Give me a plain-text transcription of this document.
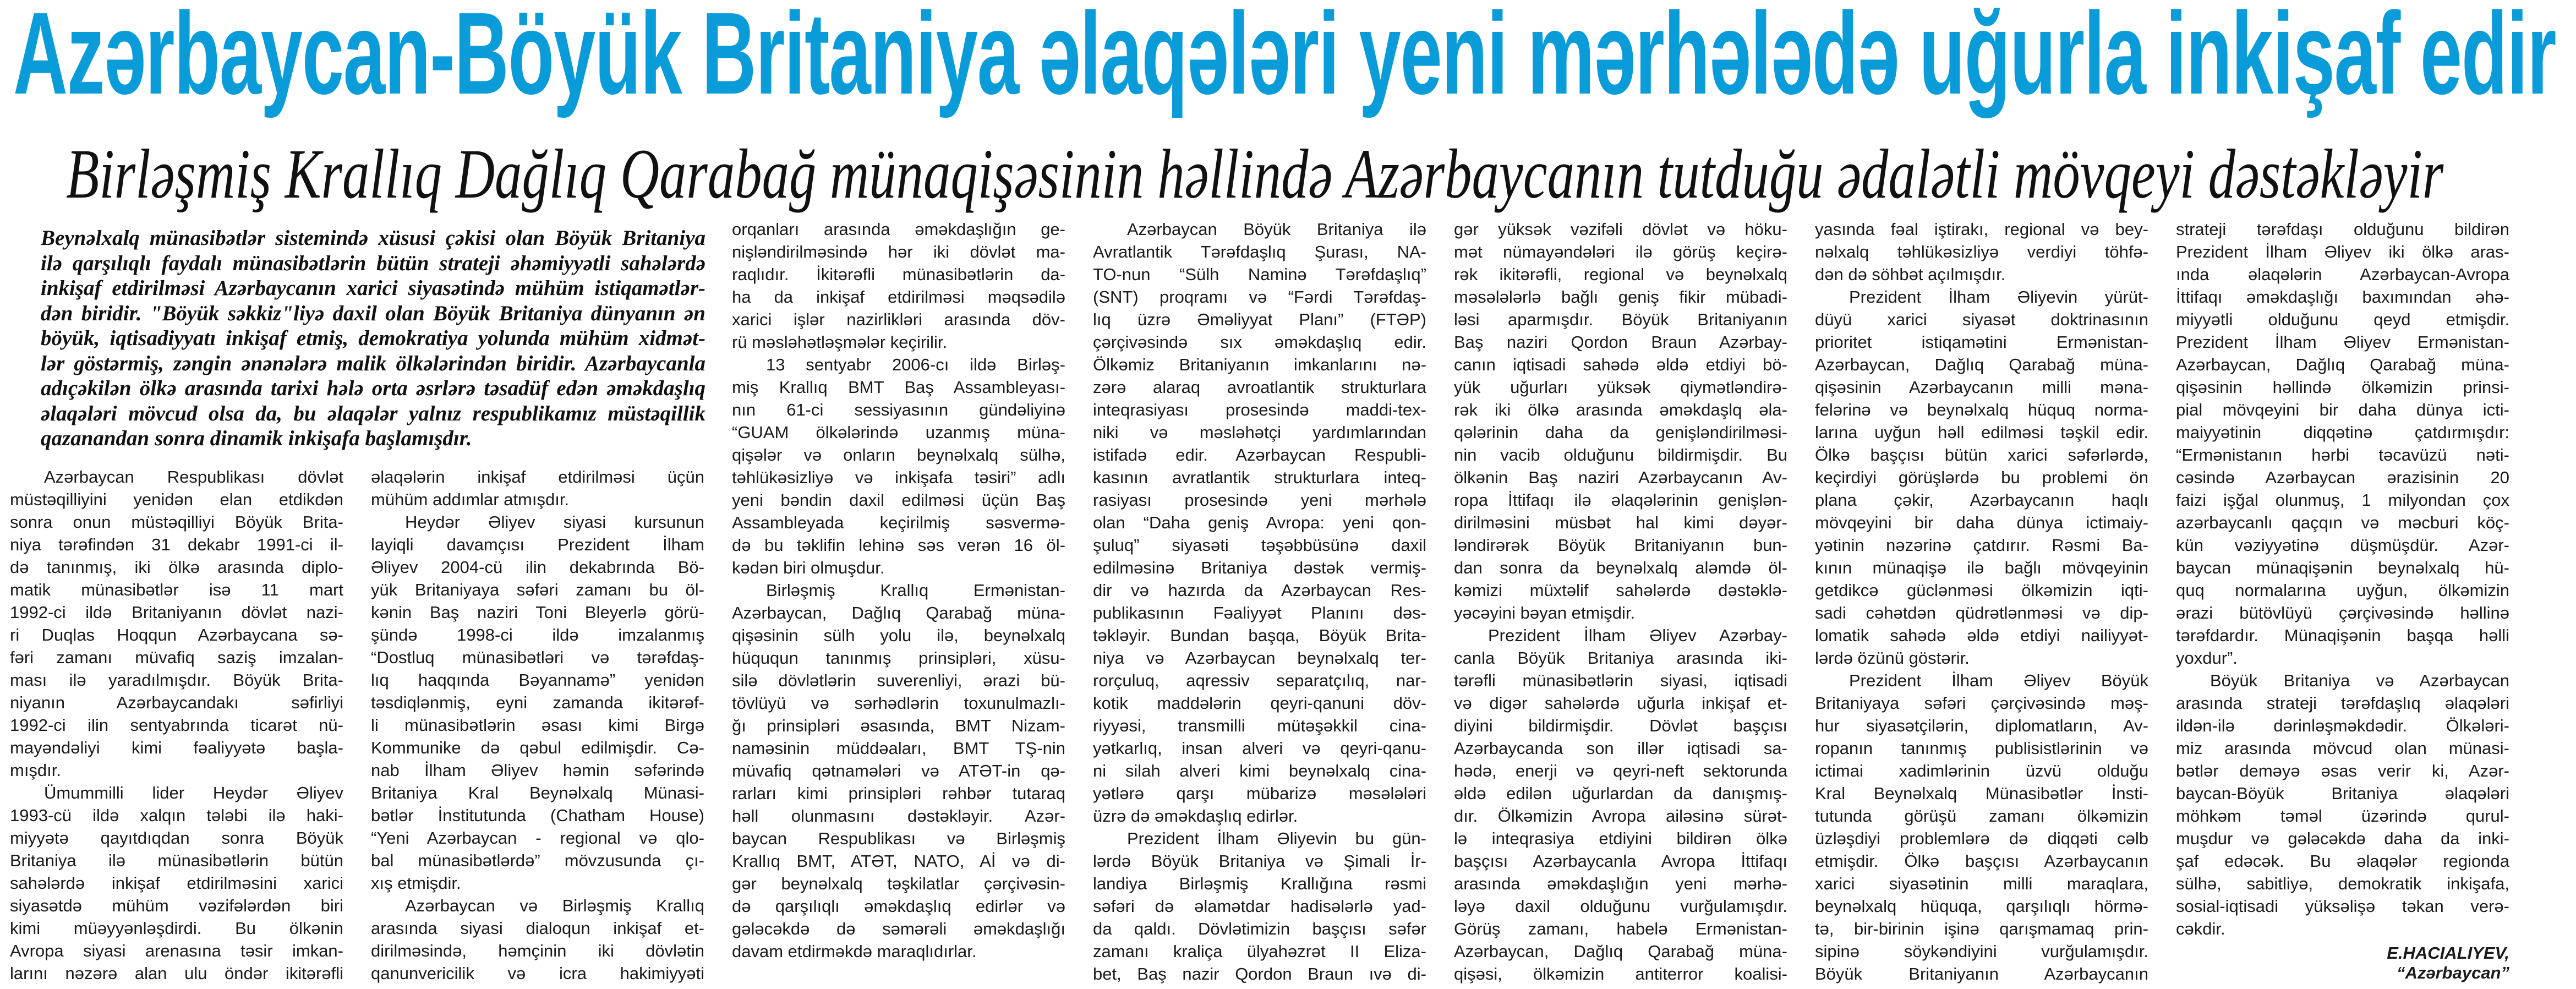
Azərbaycan-Böyük Britaniya əlaqələri yeni mərhələdə uğurla inkişaf edir
Birləşmiş Krallıq Dağlıq Qarabağ münaqişəsinin həllində Azərbaycanın tutduğu ədalətli mövqeyi dəstəkləyir
Beynəlxalq münasibətlər sistemində xüsusi çəkisi olan Böyük Britaniya
ilə qarşılıqlı faydalı münasibətlərin bütün strateji əhəmiyyətli sahələrdə
inkişaf etdirilməsi Azərbaycanın xarici siyasətində mühüm istiqamətlər-
dən biridir. "Böyük səkkiz"liyə daxil olan Böyük Britaniya dünyanın ən
böyük, iqtisadiyyatı inkişaf etmiş, demokratiya yolunda mühüm xidmət-
lər göstərmiş, zəngin ənənələrə malik ölkələrindən biridir. Azərbaycanla
adıçəkilən ölkə arasında tarixi hələ orta əsrlərə təsadüf edən əməkdaşlıq
əlaqələri mövcud olsa da, bu əlaqələr yalnız respublikamız müstəqillik
qazanandan sonra dinamik inkişafa başlamışdır.
Azərbaycan Respublikası dövlət
müstəqilliyini yenidən elan etdikdən
sonra onun müstəqilliyi Böyük Brita-
niya tərəfindən 31 dekabr 1991-ci il-
də tanınmış, iki ölkə arasında diplo-
matik münasibətlər isə 11 mart
1992-ci ildə Britaniyanın dövlət nazi-
ri Duqlas Hoqqun Azərbaycana sə-
fəri zamanı müvafiq saziş imzalan-
ması ilə yaradılmışdır. Böyük Brita-
niyanın Azərbaycandakı səfirliyi
1992-ci ilin sentyabrında ticarət nü-
mayəndəliyi kimi fəaliyyətə başla-
mışdır.
Ümummilli lider Heydər Əliyev
1993-cü ildə xalqın tələbi ilə haki-
miyyətə qayıtdıqdan sonra Böyük
Britaniya ilə münasibətlərin bütün
sahələrdə inkişaf etdirilməsini xarici
siyasətdə mühüm vəzifələrdən biri
kimi müəyyənləşdirdi. Bu ölkənin
Avropa siyasi arenasına təsir imkan-
larını nəzərə alan ulu öndər ikitərəfli
əlaqələrin inkişaf etdirilməsi üçün
mühüm addımlar atmışdır.
Heydər Əliyev siyasi kursunun
layiqli davamçısı Prezident İlham
Əliyev 2004-cü ilin dekabrında Bö-
yük Britaniyaya səfəri zamanı bu öl-
kənin Baş naziri Toni Bleyerlə görü-
şündə 1998-ci ildə imzalanmış
“Dostluq münasibətləri və tərəfdaş-
lıq haqqında Bəyannamə” yenidən
təsdiqlənmiş, eyni zamanda ikitərəf-
li münasibətlərin əsası kimi Birgə
Kommunike də qəbul edilmişdir. Cə-
nab İlham Əliyev həmin səfərində
Britaniya Kral Beynəlxalq Münasi-
bətlər İnstitutunda (Chatham House)
“Yeni Azərbaycan - regional və qlo-
bal münasibətlərdə” mövzusunda çı-
xış etmişdir.
Azərbaycan və Birləşmiş Krallıq
arasında siyasi dialoqun inkişaf et-
dirilməsində, həmçinin iki dövlətin
qanunvericilik və icra hakimiyyəti
orqanları arasında əməkdaşlığın ge-
nişləndirilməsində hər iki dövlət ma-
raqlıdır. İkitərəfli münasibətlərin da-
ha da inkişaf etdirilməsi məqsədilə
xarici işlər nazirlikləri arasında döv-
rü məsləhətləşmələr keçirilir.
13 sentyabr 2006-cı ildə Birləş-
miş Krallıq BMT Baş Assambleyası-
nın 61-ci sessiyasının gündəliyinə
“GUAM ölkələrində uzanmış müna-
qişələr və onların beynəlxalq sülhə,
təhlükəsizliyə və inkişafa təsiri” adlı
yeni bəndin daxil edilməsi üçün Baş
Assambleyada keçirilmiş səsvermə-
də bu təklifin lehinə səs verən 16 öl-
kədən biri olmuşdur.
Birləşmiş Krallıq Ermənistan-
Azərbaycan, Dağlıq Qarabağ müna-
qişəsinin sülh yolu ilə, beynəlxalq
hüququn tanınmış prinsipləri, xüsu-
silə dövlətlərin suverenliyi, ərazi bü-
tövlüyü və sərhədlərin toxunulmazlı-
ğı prinsipləri əsasında, BMT Nizam-
naməsinin müddəaları, BMT TŞ-nin
müvafiq qətnamələri və ATƏT-in qə-
rarları kimi prinsipləri rəhbər tutaraq
həll olunmasını dəstəkləyir. Azər-
baycan Respublikası və Birləşmiş
Krallıq BMT, ATƏT, NATO, Aİ və di-
gər beynəlxalq təşkilatlar çərçivəsin-
də qarşılıqlı əməkdaşlıq edirlər və
gələcəkdə də səmərəli əməkdaşlığı
davam etdirməkdə maraqlıdırlar.
Azərbaycan Böyük Britaniya ilə
Avratlantik Tərəfdaşlıq Şurası, NA-
TO-nun “Sülh Naminə Tərəfdaşlıq”
(SNT) proqramı və “Fərdi Tərəfdaş-
lıq üzrə Əməliyyat Planı” (FTƏP)
çərçivəsində sıx əməkdaşlıq edir.
Ölkəmiz Britaniyanın imkanlarını nə-
zərə alaraq avroatlantik strukturlara
inteqrasiyası prosesində maddi-tex-
niki və məsləhətçi yardımlarından
istifadə edir. Azərbaycan Respubli-
kasının avratlantik strukturlara inteq-
rasiyası prosesində yeni mərhələ
olan “Daha geniş Avropa: yeni qon-
şuluq” siyasəti təşəbbüsünə daxil
edilməsinə Britaniya dəstək vermiş-
dir və hazırda da Azərbaycan Res-
publikasının Fəaliyyət Planını dəs-
təkləyir. Bundan başqa, Böyük Brita-
niya və Azərbaycan beynəlxalq ter-
rorçuluq, aqressiv separatçılıq, nar-
kotik maddələrin qeyri-qanuni döv-
riyyəsi, transmilli mütəşəkkil cina-
yətkarlıq, insan alveri və qeyri-qanu-
ni silah alveri kimi beynəlxalq cina-
yətlərə qarşı mübarizə məsələləri
üzrə də əməkdaşlıq edirlər.
Prezident İlham Əliyevin bu gün-
lərdə Böyük Britaniya və Şimali İr-
landiya Birləşmiş Krallığına rəsmi
səfəri də əlamətdar hadisələrlə yad-
da qaldı. Dövlətimizin başçısı səfər
zamanı kraliça ülyahəzrət II Eliza-
bet, Baş nazir Qordon Braun ıvə di-
gər yüksək vəzifəli dövlət və höku-
mət nümayəndələri ilə görüş keçirə-
rək ikitərəfli, regional və beynəlxalq
məsələlərlə bağlı geniş fikir mübadi-
ləsi aparmışdır. Böyük Britaniyanın
Baş naziri Qordon Braun Azərbay-
canın iqtisadi sahədə əldə etdiyi bö-
yük uğurları yüksək qiymətləndirə-
rək iki ölkə arasında əməkdaşlq əla-
qələrinin daha da genişləndirilməsi-
nin vacib olduğunu bildirmişdir. Bu
ölkənin Baş naziri Azərbaycanın Av-
ropa İttifaqı ilə əlaqələrinin genişlən-
dirilməsini müsbət hal kimi dəyər-
ləndirərək Böyük Britaniyanın bun-
dan sonra da beynəlxalq aləmdə öl-
kəmizi müxtəlif sahələrdə dəstəklə-
yəcəyini bəyan etmişdir.
Prezident İlham Əliyev Azərbay-
canla Böyük Britaniya arasında iki-
tərəfli münasibətlərin siyasi, iqtisadi
və digər sahələrdə uğurla inkişaf et-
diyini bildirmişdir. Dövlət başçısı
Azərbaycanda son illər iqtisadi sa-
hədə, enerji və qeyri-neft sektorunda
əldə edilən uğurlardan da danışmış-
dır. Ölkəmizin Avropa ailəsinə sürət-
lə inteqrasiya etdiyini bildirən ölkə
başçısı Azərbaycanla Avropa İttifaqı
arasında əməkdaşlığın yeni mərhə-
ləyə daxil olduğunu vurğulamışdır.
Görüş zamanı, habelə Ermənistan-
Azərbaycan, Dağlıq Qarabağ müna-
qişəsi, ölkəmizin antiterror koalisi-
yasında fəal iştirakı, regional və bey-
nəlxalq təhlükəsizliyə verdiyi töhfə-
dən də söhbət açılmışdır.
Prezident İlham Əliyevin yürüt-
düyü xarici siyasət doktrinasının
prioritet istiqamətini Ermənistan-
Azərbaycan, Dağlıq Qarabağ müna-
qişəsinin Azərbaycanın milli məna-
felərinə və beynəlxalq hüquq norma-
larına uyğun həll edilməsi təşkil edir.
Ölkə başçısı bütün xarici səfərlərdə,
keçirdiyi görüşlərdə bu problemi ön
plana çəkir, Azərbaycanın haqlı
mövqeyini bir daha dünya ictimaiy-
yətinin nəzərinə çatdırır. Rəsmi Ba-
kının münaqişə ilə bağlı mövqeyinin
getdikcə güclənməsi ölkəmizin iqti-
sadi cəhətdən qüdrətlənməsi və dip-
lomatik sahədə əldə etdiyi nailiyyət-
lərdə özünü göstərir.
Prezident İlham Əliyev Böyük
Britaniyaya səfəri çərçivəsində məş-
hur siyasətçilərin, diplomatların, Av-
ropanın tanınmış publisistlərinin və
ictimai xadimlərinin üzvü olduğu
Kral Beynəlxalq Münasibətlər İnsti-
tutunda görüşü zamanı ölkəmizin
üzləşdiyi problemlərə də diqqəti cəlb
etmişdir. Ölkə başçısı Azərbaycanın
xarici siyasətinin milli maraqlara,
beynəlxalq hüquqa, qarşılıqlı hörmə-
tə, bir-birinin işinə qarışmamaq prin-
sipinə söykəndiyini vurğulamışdır.
Böyük Britaniyanın Azərbaycanın
strateji tərəfdaşı olduğunu bildirən
Prezident İlham Əliyev iki ölkə aras-
ında əlaqələrin Azərbaycan-Avropa
İttifaqı əməkdaşlığı baxımından əhə-
miyyətli olduğunu qeyd etmişdir.
Prezident İlham Əliyev Ermənistan-
Azərbaycan, Dağlıq Qarabağ müna-
qişəsinin həllində ölkəmizin prinsi-
pial mövqeyini bir daha dünya icti-
maiyyətinin diqqətinə çatdırmışdır:
“Ermənistanın hərbi təcavüzü nəti-
cəsində Azərbaycan ərazisinin 20
faizi işğal olunmuş, 1 milyondan çox
azərbaycanlı qaçqın və məcburi köç-
kün vəziyyətinə düşmüşdür. Azər-
baycan münaqişənin beynəlxalq hü-
quq normalarına uyğun, ölkəmizin
ərazi bütövlüyü çərçivəsində həllinə
tərəfdardır. Münaqişənin başqa həlli
yoxdur”.
Böyük Britaniya və Azərbaycan
arasında strateji tərəfdaşlıq əlaqələri
ildən-ilə dərinləşməkdədir. Ölkələri-
miz arasında mövcud olan münasi-
bətlər deməyə əsas verir ki, Azər-
baycan-Böyük Britaniya əlaqələri
möhkəm təməl üzərində qurul-
muşdur və gələcəkdə daha da inki-
şaf edəcək. Bu əlaqələr regionda
sülhə, sabitliyə, demokratik inkişafa,
sosial-iqtisadi yüksəlişə təkan verə-
cəkdir.
E.HACIALIYEV,
“Azərbaycan”
